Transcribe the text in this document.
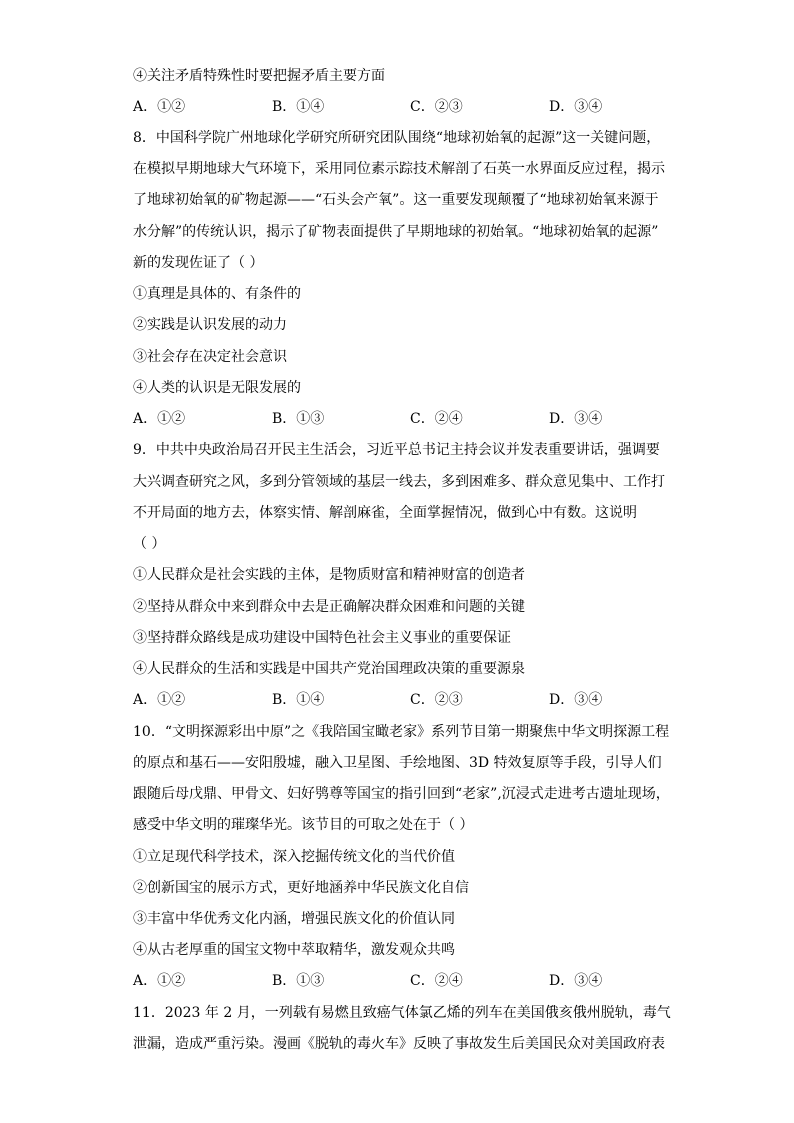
④关注矛盾特殊性时要把握矛盾主要方面
A．①②	B．①④	C．②③	D．③④
8．中国科学院广州地球化学研究所研究团队围绕“地球初始氧的起源”这一关键问题，
在模拟早期地球大气环境下，采用同位素示踪技术解剖了石英一水界面反应过程，揭示
了地球初始氧的矿物起源——“石头会产氧”。这一重要发现颠覆了“地球初始氧来源于
水分解”的传统认识，揭示了矿物表面提供了早期地球的初始氧。“地球初始氧的起源”
新的发现佐证了（ ）
①真理是具体的、有条件的
②实践是认识发展的动力
③社会存在决定社会意识
④人类的认识是无限发展的
A．①②	B．①③	C．②④	D．③④
9．中共中央政治局召开民主生活会，习近平总书记主持会议并发表重要讲话，强调要
大兴调查研究之风，多到分管领域的基层一线去，多到困难多、群众意见集中、工作打
不开局面的地方去，体察实情、解剖麻雀，全面掌握情况，做到心中有数。这说明
（ ）
①人民群众是社会实践的主体，是物质财富和精神财富的创造者
②坚持从群众中来到群众中去是正确解决群众困难和问题的关键
③坚持群众路线是成功建设中国特色社会主义事业的重要保证
④人民群众的生活和实践是中国共产党治国理政决策的重要源泉
A．①②	B．①④	C．②③	D．③④
10．“文明探源彩出中原”之《我陪国宝瞰老家》系列节目第一期聚焦中华文明探源工程
的原点和基石——安阳殷墟，融入卫星图、手绘地图、3D 特效复原等手段，引导人们
跟随后母戊鼎、甲骨文、妇好鸮尊等国宝的指引回到“老家”,沉浸式走进考古遗址现场，
感受中华文明的璀璨华光。该节目的可取之处在于（ ）
①立足现代科学技术，深入挖掘传统文化的当代价值
②创新国宝的展示方式，更好地涵养中华民族文化自信
③丰富中华优秀文化内涵，增强民族文化的价值认同
④从古老厚重的国宝文物中萃取精华，激发观众共鸣
A．①②	B．①③	C．②④	D．③④
11．2023 年 2 月，一列载有易燃且致癌气体氯乙烯的列车在美国俄亥俄州脱轨，毒气
泄漏，造成严重污染。漫画《脱轨的毒火车》反映了事故发生后美国民众对美国政府表
